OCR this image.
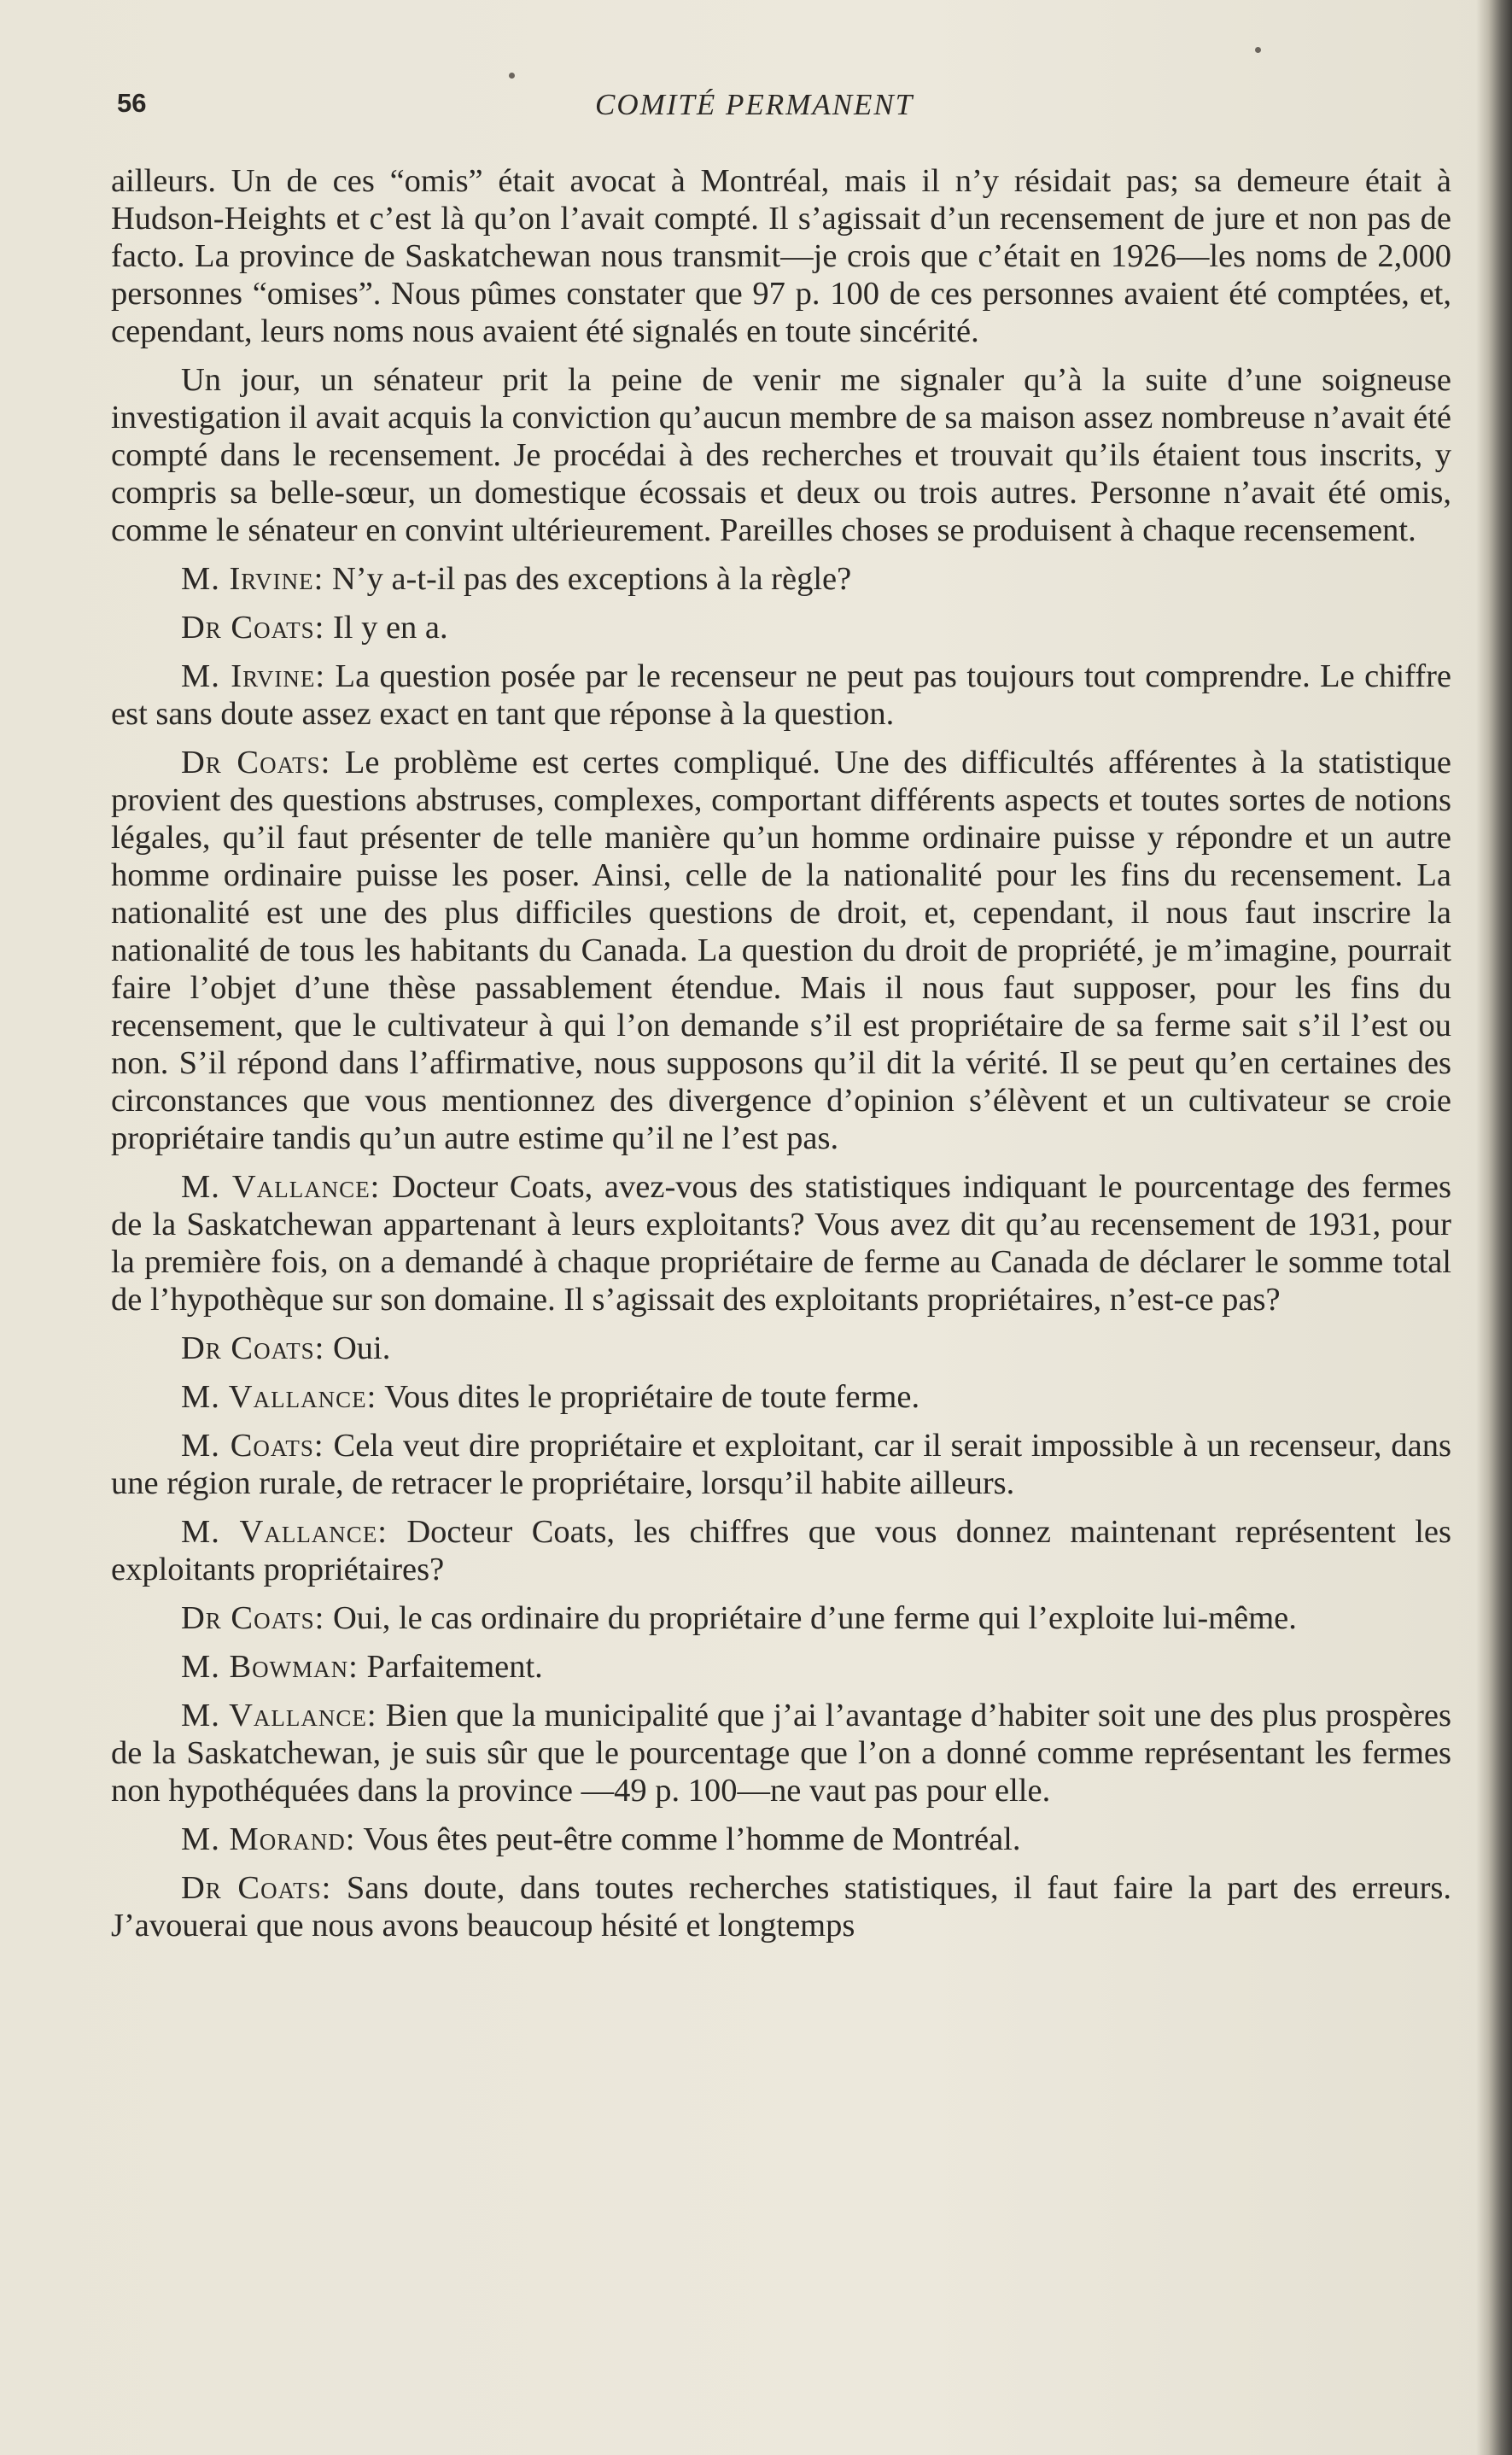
56	COMITÉ PERMANENT

ailleurs. Un de ces “omis” était avocat à Montréal, mais il n’y résidait pas; sa demeure était à Hudson-Heights et c’est là qu’on l’avait compté. Il s’agissait d’un recensement de jure et non pas de facto. La province de Saskatchewan nous transmit—je crois que c’était en 1926—les noms de 2,000 personnes “omises”. Nous pûmes constater que 97 p. 100 de ces personnes avaient été comptées, et, cependant, leurs noms nous avaient été signalés en toute sincérité.

Un jour, un sénateur prit la peine de venir me signaler qu’à la suite d’une soigneuse investigation il avait acquis la conviction qu’aucun membre de sa maison assez nombreuse n’avait été compté dans le recensement. Je procédai à des recherches et trouvait qu’ils étaient tous inscrits, y compris sa belle-sœur, un domestique écossais et deux ou trois autres. Personne n’avait été omis, comme le sénateur en convint ultérieurement. Pareilles choses se produisent à chaque recensement.

M. Irvine: N’y a-t-il pas des exceptions à la règle?

Dr Coats: Il y en a.

M. Irvine: La question posée par le recenseur ne peut pas toujours tout comprendre. Le chiffre est sans doute assez exact en tant que réponse à la question.

Dr Coats: Le problème est certes compliqué. Une des difficultés afférentes à la statistique provient des questions abstruses, complexes, comportant différents aspects et toutes sortes de notions légales, qu’il faut présenter de telle manière qu’un homme ordinaire puisse y répondre et un autre homme ordinaire puisse les poser. Ainsi, celle de la nationalité pour les fins du recensement. La nationalité est une des plus difficiles questions de droit, et, cependant, il nous faut inscrire la nationalité de tous les habitants du Canada. La question du droit de propriété, je m’imagine, pourrait faire l’objet d’une thèse passablement étendue. Mais il nous faut supposer, pour les fins du recensement, que le cultivateur à qui l’on demande s’il est propriétaire de sa ferme sait s’il l’est ou non. S’il répond dans l’affirmative, nous supposons qu’il dit la vérité. Il se peut qu’en certaines des circonstances que vous mentionnez des divergence d’opinion s’élèvent et un cultivateur se croie propriétaire tandis qu’un autre estime qu’il ne l’est pas.

M. Vallance: Docteur Coats, avez-vous des statistiques indiquant le pourcentage des fermes de la Saskatchewan appartenant à leurs exploitants? Vous avez dit qu’au recensement de 1931, pour la première fois, on a demandé à chaque propriétaire de ferme au Canada de déclarer le somme total de l’hypothèque sur son domaine. Il s’agissait des exploitants propriétaires, n’est-ce pas?

Dr Coats: Oui.

M. Vallance: Vous dites le propriétaire de toute ferme.

M. Coats: Cela veut dire propriétaire et exploitant, car il serait impossible à un recenseur, dans une région rurale, de retracer le propriétaire, lorsqu’il habite ailleurs.

M. Vallance: Docteur Coats, les chiffres que vous donnez maintenant représentent les exploitants propriétaires?

Dr Coats: Oui, le cas ordinaire du propriétaire d’une ferme qui l’exploite lui-même.

M. Bowman: Parfaitement.

M. Vallance: Bien que la municipalité que j’ai l’avantage d’habiter soit une des plus prospères de la Saskatchewan, je suis sûr que le pourcentage que l’on a donné comme représentant les fermes non hypothéquées dans la province —49 p. 100—ne vaut pas pour elle.

M. Morand: Vous êtes peut-être comme l’homme de Montréal.

Dr Coats: Sans doute, dans toutes recherches statistiques, il faut faire la part des erreurs. J’avouerai que nous avons beaucoup hésité et longtemps
